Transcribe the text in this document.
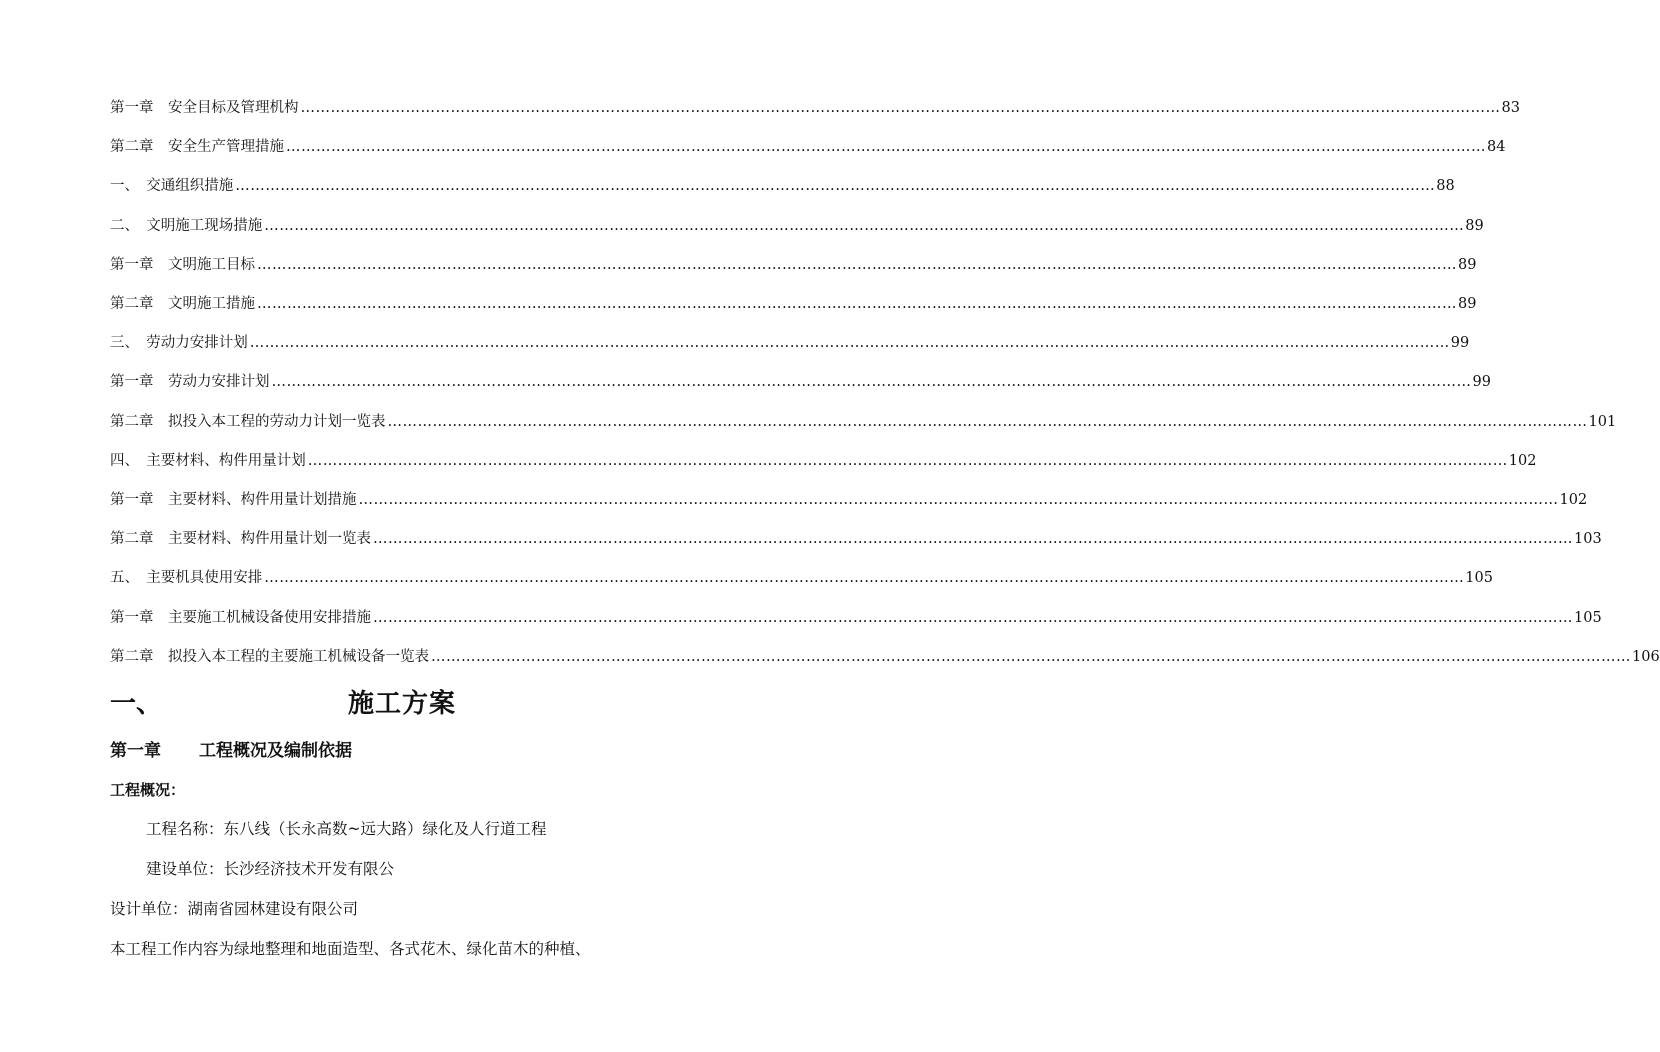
第一章　安全目标及管理机构 …………………………………………………………………………………………………………………………………………………………………………………………………………………… 83
第二章　安全生产管理措施 …………………………………………………………………………………………………………………………………………………………………………………………………………………… 84
一、　交通组织措施 …………………………………………………………………………………………………………………………………………………………………………………………………………………… 88
二、　文明施工现场措施 …………………………………………………………………………………………………………………………………………………………………………………………………………………… 89
第一章　文明施工目标 …………………………………………………………………………………………………………………………………………………………………………………………………………………… 89
第二章　文明施工措施 …………………………………………………………………………………………………………………………………………………………………………………………………………………… 89
三、　劳动力安排计划 …………………………………………………………………………………………………………………………………………………………………………………………………………………… 99
第一章　劳动力安排计划 …………………………………………………………………………………………………………………………………………………………………………………………………………………… 99
第二章　拟投入本工程的劳动力计划一览表 …………………………………………………………………………………………………………………………………………………………………………………………………………………… 101
四、　主要材料、构件用量计划 …………………………………………………………………………………………………………………………………………………………………………………………………………………… 102
第一章　主要材料、构件用量计划措施 …………………………………………………………………………………………………………………………………………………………………………………………………………………… 102
第二章　主要材料、构件用量计划一览表 …………………………………………………………………………………………………………………………………………………………………………………………………………………… 103
五、　主要机具使用安排 …………………………………………………………………………………………………………………………………………………………………………………………………………………… 105
第一章　主要施工机械设备使用安排措施 …………………………………………………………………………………………………………………………………………………………………………………………………………………… 105
第二章　拟投入本工程的主要施工机械设备一览表 …………………………………………………………………………………………………………………………………………………………………………………………………………………… 106
一、	施工方案
第一章 工程概况及编制依据
工程概况：
工程名称：东八线（长永高数~远大路）绿化及人行道工程
建设单位：长沙经济技术开发有限公
设计单位：湖南省园林建设有限公司
本工程工作内容为绿地整理和地面造型、各式花木、绿化苗木的种植、
